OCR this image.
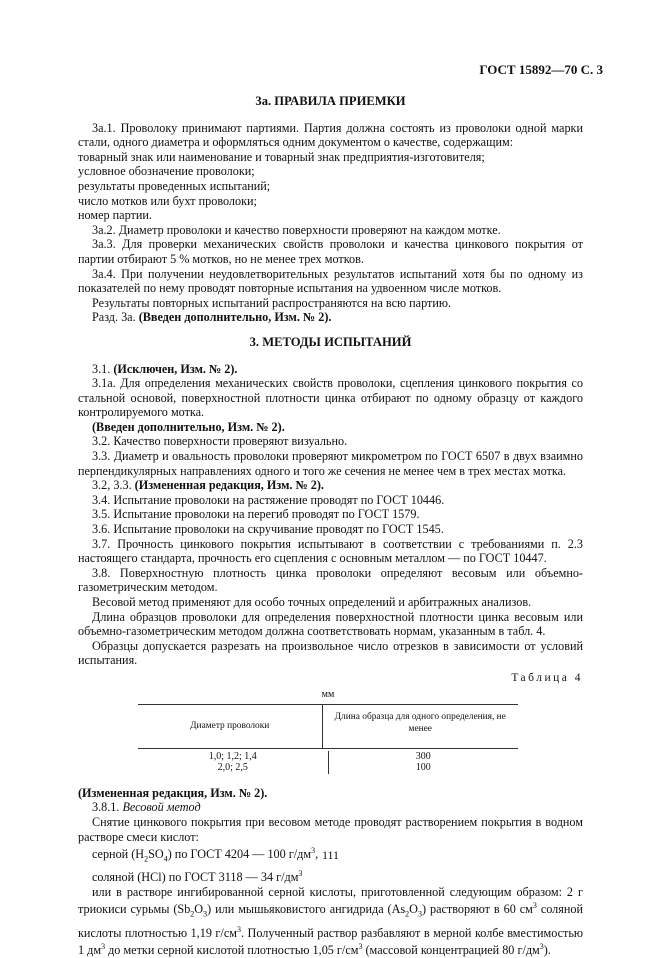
ГОСТ 15892—70 С. 3
3а. ПРАВИЛА ПРИЕМКИ

3а.1. Проволоку принимают партиями. Партия должна состоять из проволоки одной марки стали, одного диаметра и оформляться одним документом о качестве, содержащим:

товарный знак или наименование и товарный знак предприятия-изготовителя;

условное обозначение проволоки;

результаты проведенных испытаний;

число мотков или бухт проволоки;

номер партии.

3а.2. Диаметр проволоки и качество поверхности проверяют на каждом мотке.

3а.3. Для проверки механических свойств проволоки и качества цинкового покрытия от партии отбирают 5 % мотков, но не менее трех мотков.

3а.4. При получении неудовлетворительных результатов испытаний хотя бы по одному из показателей по нему проводят повторные испытания на удвоенном числе мотков.

Результаты повторных испытаний распространяются на всю партию.

Разд. 3а. (Введен дополнительно, Изм. № 2).

3. МЕТОДЫ ИСПЫТАНИЙ

3.1. (Исключен, Изм. № 2).

3.1а. Для определения механических свойств проволоки, сцепления цинкового покрытия со стальной основой, поверхностной плотности цинка отбирают по одному образцу от каждого контролируемого мотка.

(Введен дополнительно, Изм. № 2).

3.2. Качество поверхности проверяют визуально.

3.3. Диаметр и овальность проволоки проверяют микрометром по ГОСТ 6507 в двух взаимно перпендикулярных направлениях одного и того же сечения не менее чем в трех местах мотка.

3.2, 3.3. (Измененная редакция, Изм. № 2).

3.4. Испытание проволоки на растяжение проводят по ГОСТ 10446.

3.5. Испытание проволоки на перегиб проводят по ГОСТ 1579.

3.6. Испытание проволоки на скручивание проводят по ГОСТ 1545.

3.7. Прочность цинкового покрытия испытывают в соответствии с требованиями п. 2.3 настоящего стандарта, прочность его сцепления с основным металлом — по ГОСТ 10447.

3.8. Поверхностную плотность цинка проволоки определяют весовым или объемно-газометрическим методом.

Весовой метод применяют для особо точных определений и арбитражных анализов.

Длина образцов проволоки для определения поверхностной плотности цинка весовым или объемно-газометрическим методом должна соответствовать нормам, указанным в табл. 4.

Образцы допускается разрезать на произвольное число отрезков в зависимости от условий испытания.

Таблица 4
мм
Диаметр проволоки
Длина образца для одного определения, не менее
1,0; 1,2; 1,4	300
2,0; 2,5	100

(Измененная редакция, Изм. № 2).

3.8.1. Весовой метод

Снятие цинкового покрытия при весовом методе проводят растворением покрытия в водном растворе смеси кислот:

серной $(H_2SO_4)$ по ГОСТ 4204 — 100 $г/дм^3$,

соляной (HCl) по ГОСТ 3118 — 34 $г/дм^3$

или в растворе ингибированной серной кислоты, приготовленной следующим образом: 2 г триокиси сурьмы $(Sb_2O_3)$ или мышьяковистого ангидрида $(As_2O_3)$ растворяют в 60 $см^3$ соляной кислоты плотностью 1,19 $г/см^3$. Полученный раствор разбавляют в мерной колбе вместимостью 1 $дм^3$ до метки серной кислотой плотностью 1,05 $г/см^3$ (массовой концентрацией 80 $г/дм^3$).

111
